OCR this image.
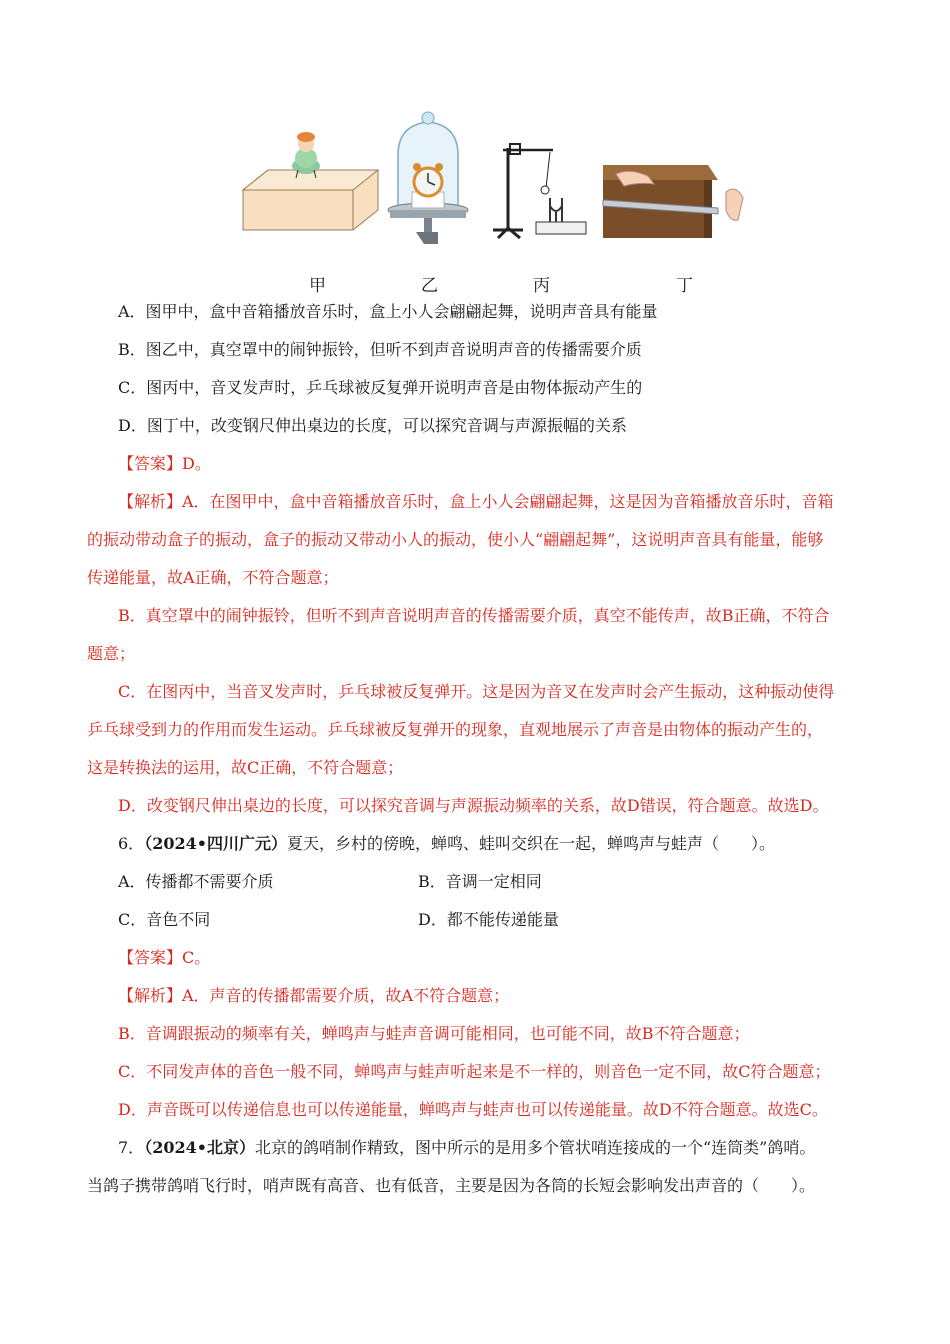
甲	乙	丙	丁
A．图甲中，盒中音箱播放音乐时，盒上小人会翩翩起舞，说明声音具有能量
B．图乙中，真空罩中的闹钟振铃，但听不到声音说明声音的传播需要介质
C．图丙中，音叉发声时，乒乓球被反复弹开说明声音是由物体振动产生的
D．图丁中，改变钢尺伸出桌边的长度，可以探究音调与声源振幅的关系
【答案】D。
【解析】A．在图甲中，盒中音箱播放音乐时，盒上小人会翩翩起舞，这是因为音箱播放音乐时，音箱
的振动带动盒子的振动，盒子的振动又带动小人的振动，使小人“翩翩起舞”，这说明声音具有能量，能够
传递能量，故A正确，不符合题意；
B．真空罩中的闹钟振铃，但听不到声音说明声音的传播需要介质，真空不能传声，故B正确，不符合
题意；
C．在图丙中，当音叉发声时，乒乓球被反复弹开。这是因为音叉在发声时会产生振动，这种振动使得
乒乓球受到力的作用而发生运动。乒乓球被反复弹开的现象，直观地展示了声音是由物体的振动产生的，
这是转换法的运用，故C正确，不符合题意；
D．改变钢尺伸出桌边的长度，可以探究音调与声源振动频率的关系，故D错误，符合题意。故选D。
6．（2024•四川广元）夏天，乡村的傍晚，蝉鸣、蛙叫交织在一起，蝉鸣声与蛙声（　　）。
A．传播都不需要介质	B．音调一定相同
C．音色不同	D．都不能传递能量
【答案】C。
【解析】A．声音的传播都需要介质，故A不符合题意；
B．音调跟振动的频率有关，蝉鸣声与蛙声音调可能相同，也可能不同，故B不符合题意；
C．不同发声体的音色一般不同，蝉鸣声与蛙声听起来是不一样的，则音色一定不同，故C符合题意；
D．声音既可以传递信息也可以传递能量，蝉鸣声与蛙声也可以传递能量。故D不符合题意。故选C。
7．（2024•北京）北京的鸽哨制作精致，图中所示的是用多个管状哨连接成的一个“连筒类”鸽哨。
当鸽子携带鸽哨飞行时，哨声既有高音、也有低音，主要是因为各筒的长短会影响发出声音的（　　）。
